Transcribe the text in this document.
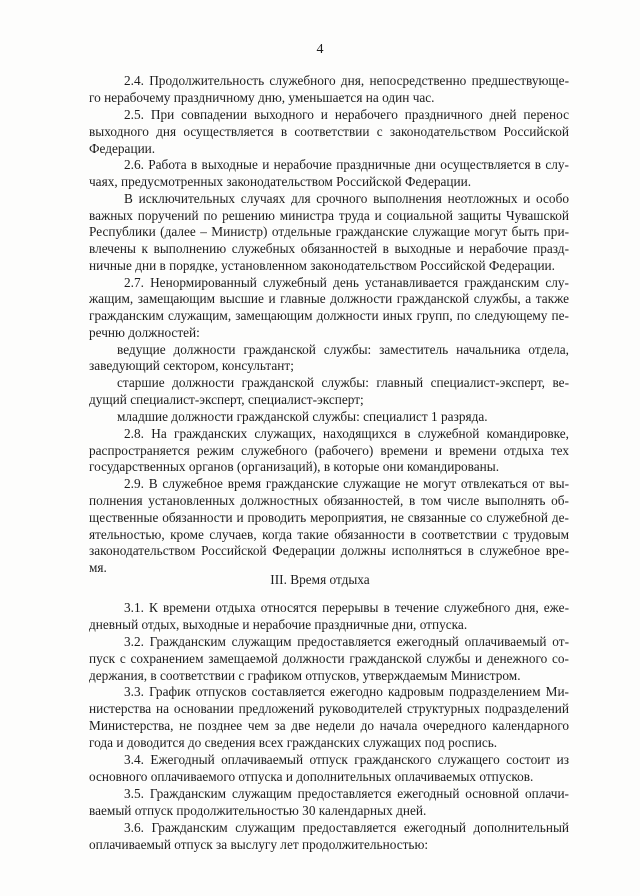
4
2.4. Продолжительность служебного дня, непосредственно предшествующе-
го нерабочему праздничному дню, уменьшается на один час.
2.5. При совпадении выходного и нерабочего праздничного дней перенос
выходного дня осуществляется в соответствии с законодательством Российской
Федерации.
2.6. Работа в выходные и нерабочие праздничные дни осуществляется в слу-
чаях, предусмотренных законодательством Российской Федерации.
В исключительных случаях для срочного выполнения неотложных и особо
важных поручений по решению министра труда и социальной защиты Чувашской
Республики (далее – Министр) отдельные гражданские служащие могут быть при-
влечены к выполнению служебных обязанностей в выходные и нерабочие празд-
ничные дни в порядке, установленном законодательством Российской Федерации.
2.7. Ненормированный служебный день устанавливается гражданским слу-
жащим, замещающим высшие и главные должности гражданской службы, а также
гражданским служащим, замещающим должности иных групп, по следующему пе-
речню должностей:
ведущие должности гражданской службы: заместитель начальника отдела,
заведующий сектором, консультант;
старшие должности гражданской службы: главный специалист-эксперт, ве-
дущий специалист-эксперт, специалист-эксперт;
младшие должности гражданской службы: специалист 1 разряда.
2.8. На гражданских служащих, находящихся в служебной командировке,
распространяется режим служебного (рабочего) времени и времени отдыха тех
государственных органов (организаций), в которые они командированы.
2.9. В служебное время гражданские служащие не могут отвлекаться от вы-
полнения установленных должностных обязанностей, в том числе выполнять об-
щественные обязанности и проводить мероприятия, не связанные со служебной де-
ятельностью, кроме случаев, когда такие обязанности в соответствии с трудовым
законодательством Российской Федерации должны исполняться в служебное вре-
мя.
III. Время отдыха
3.1. К времени отдыха относятся перерывы в течение служебного дня, еже-
дневный отдых, выходные и нерабочие праздничные дни, отпуска.
3.2. Гражданским служащим предоставляется ежегодный оплачиваемый от-
пуск с сохранением замещаемой должности гражданской службы и денежного со-
держания, в соответствии с графиком отпусков, утверждаемым Министром.
3.3. График отпусков составляется ежегодно кадровым подразделением Ми-
нистерства на основании предложений руководителей структурных подразделений
Министерства, не позднее чем за две недели до начала очередного календарного
года и доводится до сведения всех гражданских служащих под роспись.
3.4. Ежегодный оплачиваемый отпуск гражданского служащего состоит из
основного оплачиваемого отпуска и дополнительных оплачиваемых отпусков.
3.5. Гражданским служащим предоставляется ежегодный основной оплачи-
ваемый отпуск продолжительностью 30 календарных дней.
3.6. Гражданским служащим предоставляется ежегодный дополнительный
оплачиваемый отпуск за выслугу лет продолжительностью:
